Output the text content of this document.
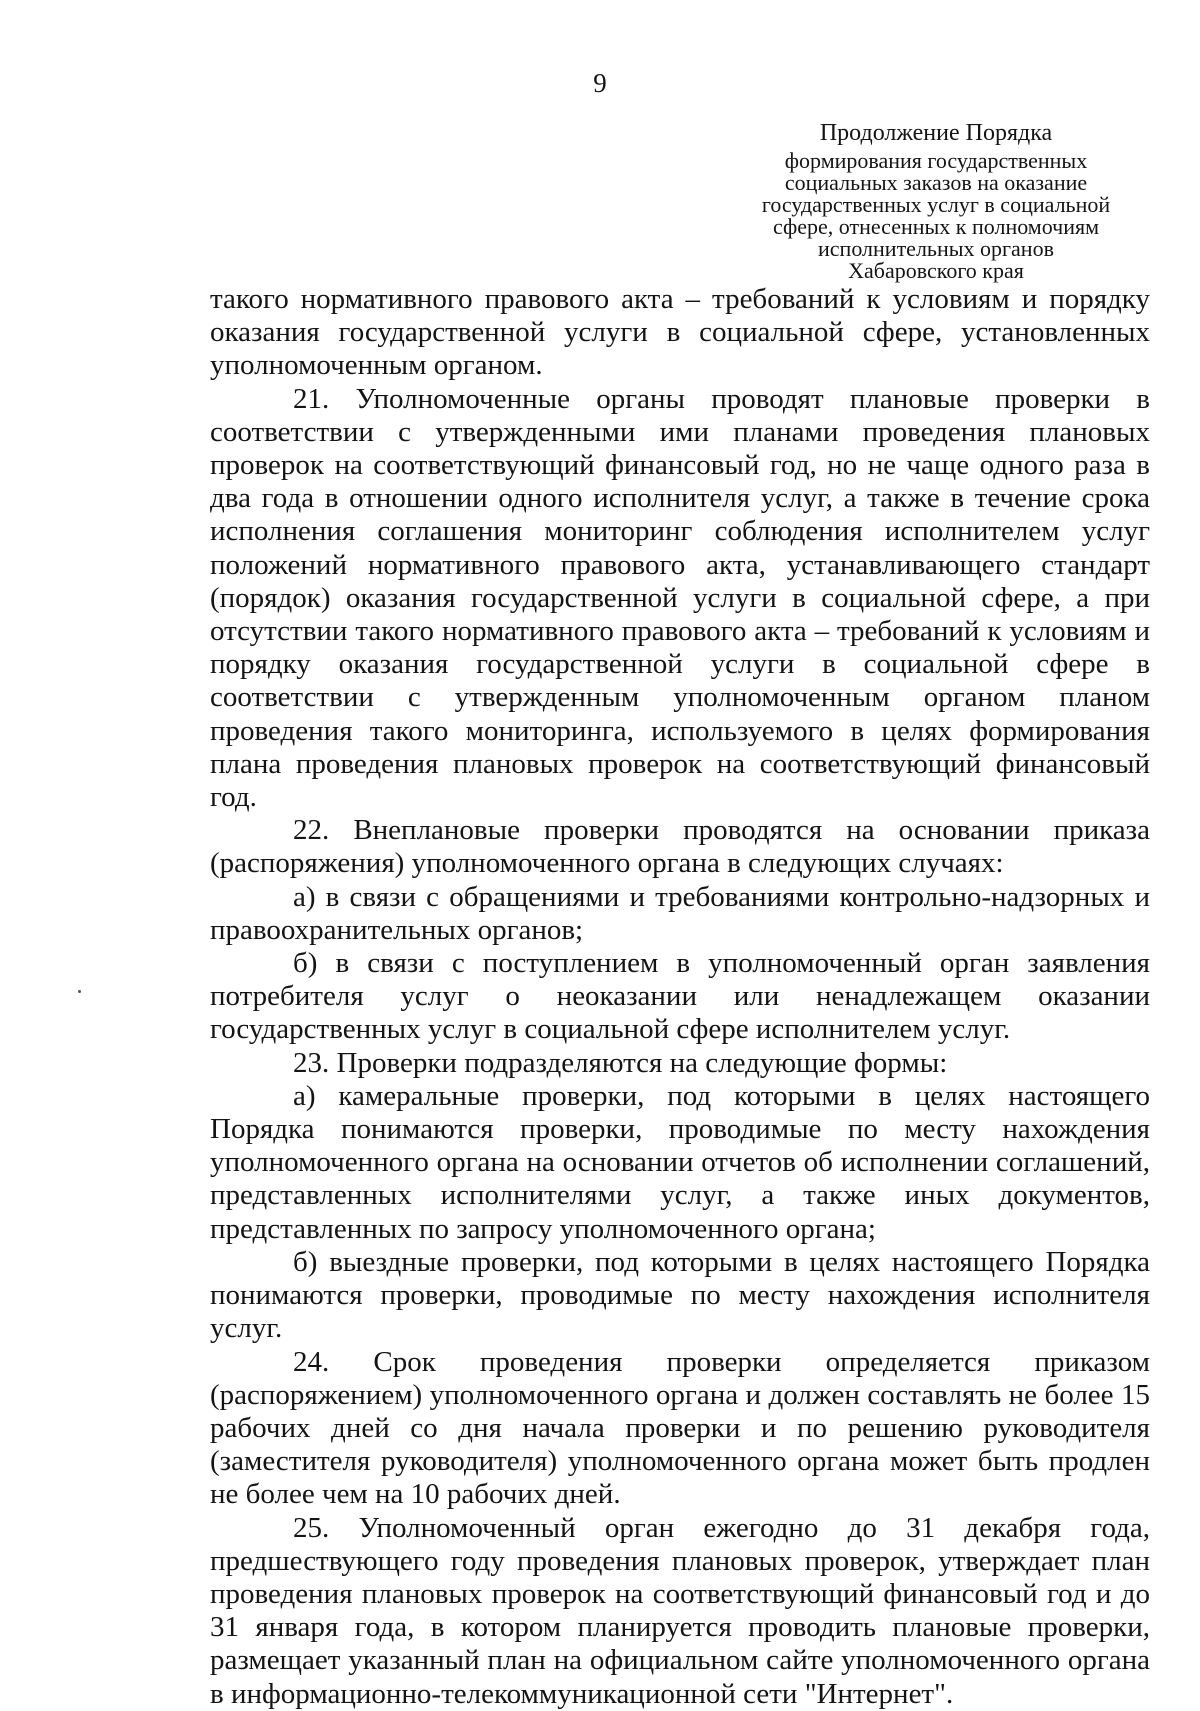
9
Продолжение Порядка
формирования государственных
социальных заказов на оказание
государственных услуг в социальной
сфере, отнесенных к полномочиям
исполнительных органов
Хабаровского края

такого нормативного правового акта – требований к условиям и порядку оказания государственной услуги в социальной сфере, установленных уполномоченным органом.

21. Уполномоченные органы проводят плановые проверки в соответствии с утвержденными ими планами проведения плановых проверок на соответствующий финансовый год, но не чаще одного раза в два года в отношении одного исполнителя услуг, а также в течение срока исполнения соглашения мониторинг соблюдения исполнителем услуг положений нормативного правового акта, устанавливающего стандарт (порядок) оказания государственной услуги в социальной сфере, а при отсутствии такого нормативного правового акта – требований к условиям и порядку оказания государственной услуги в социальной сфере в соответствии с утвержденным уполномоченным органом планом проведения такого мониторинга, используемого в целях формирования плана проведения плановых проверок на соответствующий финансовый год.

22. Внеплановые проверки проводятся на основании приказа (распоряжения) уполномоченного органа в следующих случаях:

а) в связи с обращениями и требованиями контрольно-надзорных и правоохранительных органов;

б) в связи с поступлением в уполномоченный орган заявления потребителя услуг о неоказании или ненадлежащем оказании государственных услуг в социальной сфере исполнителем услуг.

23. Проверки подразделяются на следующие формы:

а) камеральные проверки, под которыми в целях настоящего Порядка понимаются проверки, проводимые по месту нахождения уполномоченного органа на основании отчетов об исполнении соглашений, представленных исполнителями услуг, а также иных документов, представленных по запросу уполномоченного органа;

б) выездные проверки, под которыми в целях настоящего Порядка понимаются проверки, проводимые по месту нахождения исполнителя услуг.

24. Срок проведения проверки определяется приказом (распоряжением) уполномоченного органа и должен составлять не более 15 рабочих дней со дня начала проверки и по решению руководителя (заместителя руководителя) уполномоченного органа может быть продлен не более чем на 10 рабочих дней.

25. Уполномоченный орган ежегодно до 31 декабря года, предшествующего году проведения плановых проверок, утверждает план проведения плановых проверок на соответствующий финансовый год и до 31 января года, в котором планируется проводить плановые проверки, размещает указанный план на официальном сайте уполномоченного органа в информационно-телекоммуникационной сети "Интернет".
